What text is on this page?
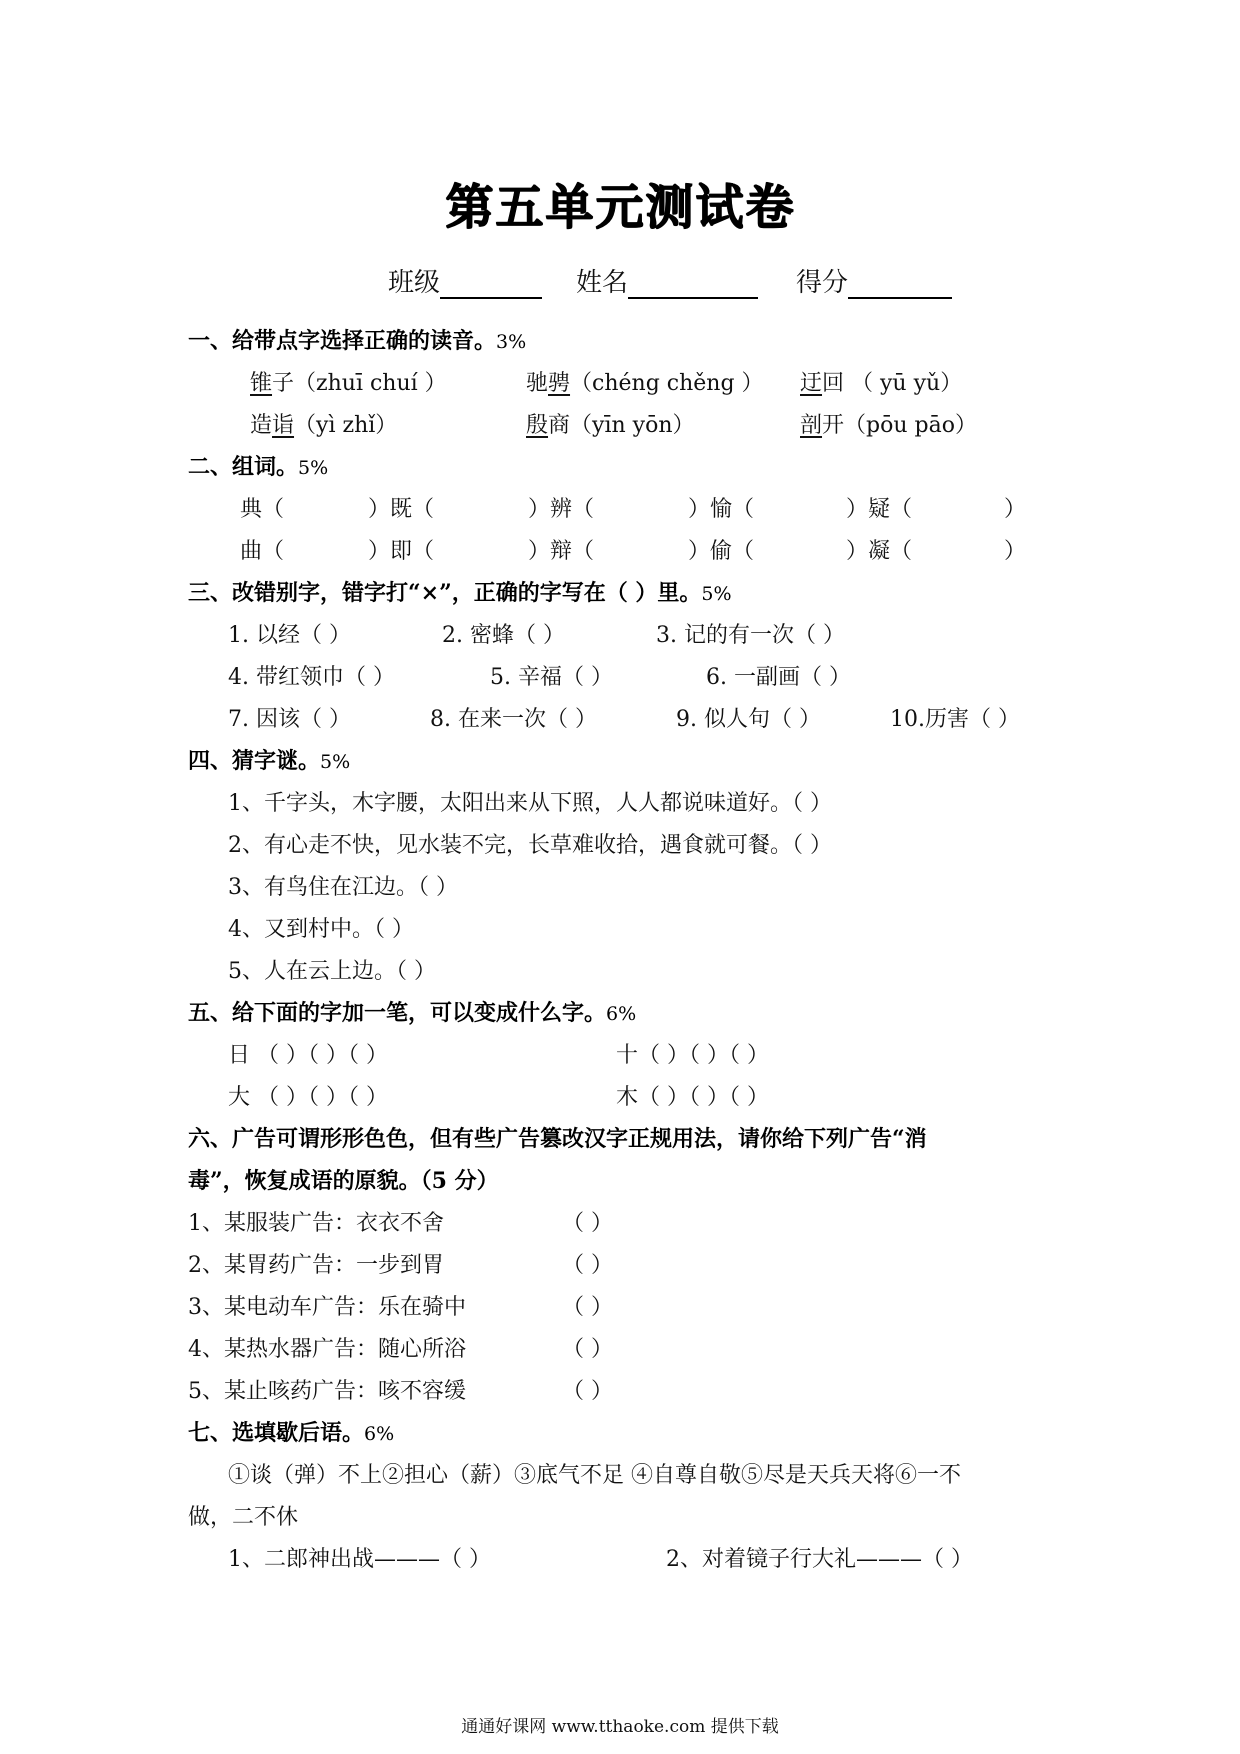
第五单元测试卷
班级	姓名	得分
一、给带点字选择正确的读音。3%
锥子（zhuī chuí ）	驰骋（chéng chěng ） 迂回 （ yū yǔ）
造诣（yì zhǐ）	殷商（yīn yōn）	剖开（pōu pāo）
二、组词。5%
典（	）既（	）辨（	）愉（	）疑（	）
曲（	）即（	）辩（	）偷（	）凝（	）
三、改错别字，错字打“×”，正确的字写在（ ）里。5%
1. 以经（ ）	2. 密蜂（ ）	3. 记的有一次（ ）
4. 带红领巾（ ）	5. 辛福（ ）	6. 一副画（ ）
7. 因该（ ）	8. 在来一次（ ）	9. 似人句（ ）	10.历害（ ）
四、猜字谜。5%
1、千字头，木字腰，太阳出来从下照，人人都说味道好。（ ）
2、有心走不快，见水装不完，长草难收拾，遇食就可餐。（ ）
3、有鸟住在江边。（ ）
4、又到村中。（ ）
5、人在云上边。（ ）
五、给下面的字加一笔，可以变成什么字。6%
日 （ ）（ ）（ ）	十（ ）（ ）（ ）
大 （ ）（ ）（ ）	木（ ）（ ）（ ）
六、广告可谓形形色色，但有些广告篡改汉字正规用法，请你给下列广告“消
毒”，恢复成语的原貌。（5 分）
1、某服装广告：衣衣不舍	（ ）
2、某胃药广告：一步到胃	（ ）
3、某电动车广告：乐在骑中	（ ）
4、某热水器广告：随心所浴	（ ）
5、某止咳药广告：咳不容缓	（ ）
七、选填歇后语。6%
①谈（弹）不上②担心（薪）③底气不足 ④自尊自敬⑤尽是天兵天将⑥一不
做，二不休
1、二郎神出战———（ ）	2、对着镜子行大礼———（ ）
通通好课网 www.tthaoke.com 提供下载
